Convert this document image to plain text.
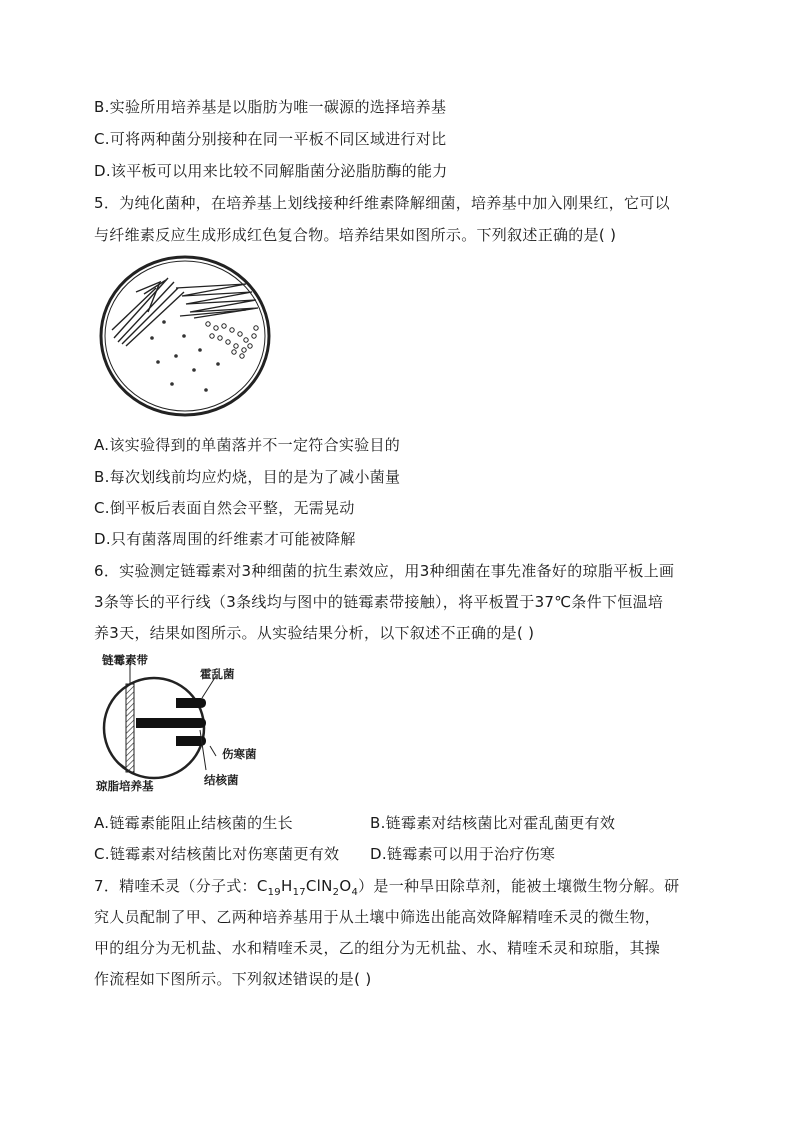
B.实验所用培养基是以脂肪为唯一碳源的选择培养基
C.可将两种菌分别接种在同一平板不同区域进行对比
D.该平板可以用来比较不同解脂菌分泌脂肪酶的能力
5．为纯化菌种，在培养基上划线接种纤维素降解细菌，培养基中加入刚果红，它可以
与纤维素反应生成形成红色复合物。培养结果如图所示。下列叙述正确的是( )
A.该实验得到的单菌落并不一定符合实验目的
B.每次划线前均应灼烧，目的是为了减小菌量
C.倒平板后表面自然会平整，无需晃动
D.只有菌落周围的纤维素才可能被降解
6．实验测定链霉素对3种细菌的抗生素效应，用3种细菌在事先准备好的琼脂平板上画
3条等长的平行线（3条线均与图中的链霉素带接触），将平板置于37℃条件下恒温培
养3天，结果如图所示。从实验结果分析，以下叙述不正确的是( )
链霉素带
霍乱菌
伤寒菌
结核菌
琼脂培养基
A.链霉素能阻止结核菌的生长	B.链霉素对结核菌比对霍乱菌更有效
C.链霉素对结核菌比对伤寒菌更有效 D.链霉素可以用于治疗伤寒
7．精喹禾灵（分子式：$C_{19}H_{17}ClN_2O_4$）是一种旱田除草剂，能被土壤微生物分解。研
究人员配制了甲、乙两种培养基用于从土壤中筛选出能高效降解精喹禾灵的微生物，
甲的组分为无机盐、水和精喹禾灵，乙的组分为无机盐、水、精喹禾灵和琼脂，其操
作流程如下图所示。下列叙述错误的是( )
